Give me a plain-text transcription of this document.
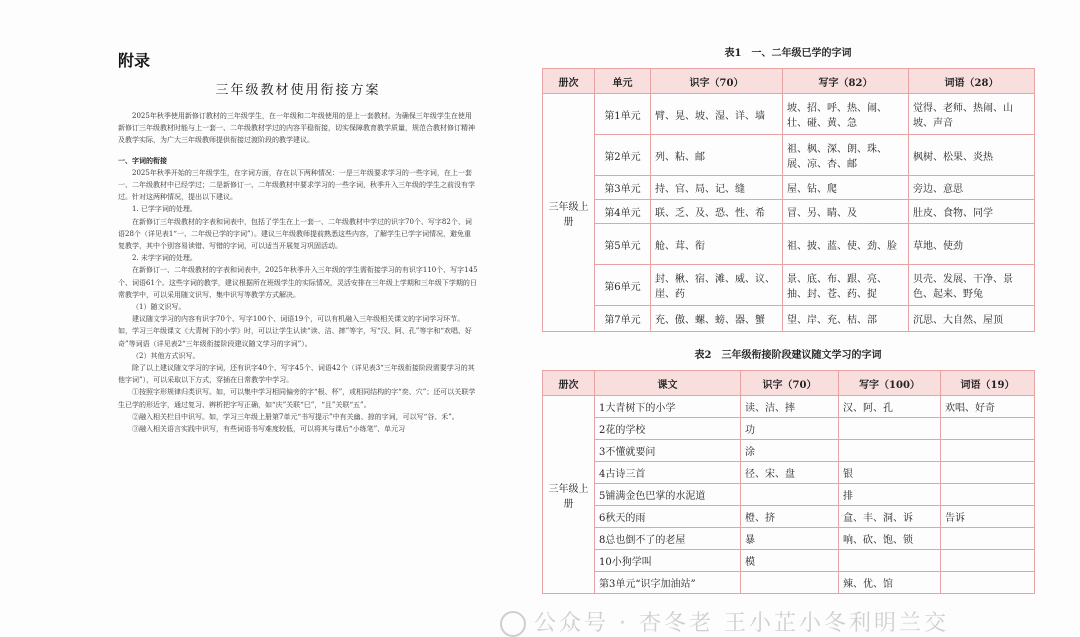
附录
三年级教材使用衔接方案

2025年秋季使用新修订教材的三年级学生，在一年级和二年级使用的是上一套教材。为确保三年级学生在使用新修订三年级教材时能与上一套一、二年级教材学过的内容平稳衔接，切实保障教育教学质量，规范合教材修订精神及教学实际，为广大三年级教师提供衔接过渡阶段的教学建议。

一、字词的衔接

2025年秋季开始的三年级学生，在字词方面，存在以下两种情况：一是三年级要求学习的一些字词，在上一套一、二年级教材中已经学过；二是新修订一、二年级教材中要求学习的一些字词，秋季升入三年级的学生之前没有学过。针对这两种情况，提出以下建议。

1. 已学字词的处理。

在新修订三年级教材的字表和词表中，包括了学生在上一套一、二年级教材中学过的识字70个、写字82个、词语28个（详见表1“一、二年级已学的字词”）。建议三年级教师提前熟悉这些内容，了解学生已学字词情况，避免重复教学，其中个别容易读错、写错的字词，可以适当开展复习巩固活动。

2. 未学字词的处理。

在新修订一、二年级教材的字表和词表中，2025年秋季升入三年级的学生需衔接学习的有识字110个、写字145个、词语61个。这些字词的教学，建议根据所在班级学生的实际情况，灵活安排在三年级上学期和三年级下学期的日常教学中，可以采用随文识写、集中识写等教学方式解决。

（1）随文识写。

建议随文学习的内容有识字70个、写字100个、词语19个，可以有机融入三年级相关课文的字词学习环节。如，学习三年级课文《大青树下的小学》时，可以让学生认读“读、洁、摔”等字，写“汉、阿、孔”等字和“欢唱、好奇”等词语（详见表2“三年级衔接阶段建议随文学习的字词”）。

（2）其他方式识写。

除了以上建议随文学习的字词，还有识字40个、写字45个、词语42个（详见表3“三年级衔接阶段需要学习的其他字词”），可以采取以下方式，穿插在日常教学中学习。

①按照字形规律归类识写。如，可以集中学习相同偏旁的字“根、杯”，或相同结构的字“奕、穴”；还可以关联学生已学的形近字，通过复习、辨析把字写正确，如“庆”关联“巳”，“且”关联“五”。

②融入相关栏目中识写。如，学习三年级上册第7单元“书写提示”中有关幽、掠的字词，可以写“谷、禾”。

③融入相关语言实践中识写，有些词语书写难度较低，可以将其与课后“小练笔”、单元习

表1　一、二年级已学的字词
册次	单元	识字（70）	写字（82）	词语（28）
三年级上册	第1单元	臂、晃、坡、湿、详、墙	坡、招、呼、热、闹、壮、碰、黄、急	觉得、老师、热闹、山坡、声音
	第2单元	列、粘、邮	祖、枫、深、朗、珠、展、凉、杏、邮	枫树、松果、炎热
	第3单元	持、官、局、记、缝	屋、钻、爬	旁边、意思
	第4单元	联、乏、及、恐、性、希	冒、另、睛、及	肚皮、食物、同学
	第5单元	舱、茸、衔	祖、披、蓝、使、劲、脸	草地、使劲
	第6单元	封、楸、宿、滩、威、议、崖、药	景、底、布、跟、亮、抽、封、苍、药、捉	贝壳、发展、干净、景色、起来、野兔
	第7单元	充、傲、螺、螃、器、蟹	望、岸、充、桔、部	沉思、大自然、屋顶
表2　三年级衔接阶段建议随文学习的字词
册次	课文	识字（70）	写字（100）	词语（19）
三年级上册	1大青树下的小学	读、洁、摔	汉、阿、孔	欢唱、好奇
	2花的学校	功		
	3不懂就要问	涂		
	4古诗三首	径、宋、盘	银	
	5铺满金色巴掌的水泥道		排	
	6秋天的雨	橙、挤	盒、丰、洞、诉	告诉
	8总也倒不了的老屋	暴	响、砍、饱、锁	
	10小狗学叫	模		
	第3单元“识字加油站”		辣、优、馆	
公众号 · 杏冬老 王小芷小冬利明兰交
